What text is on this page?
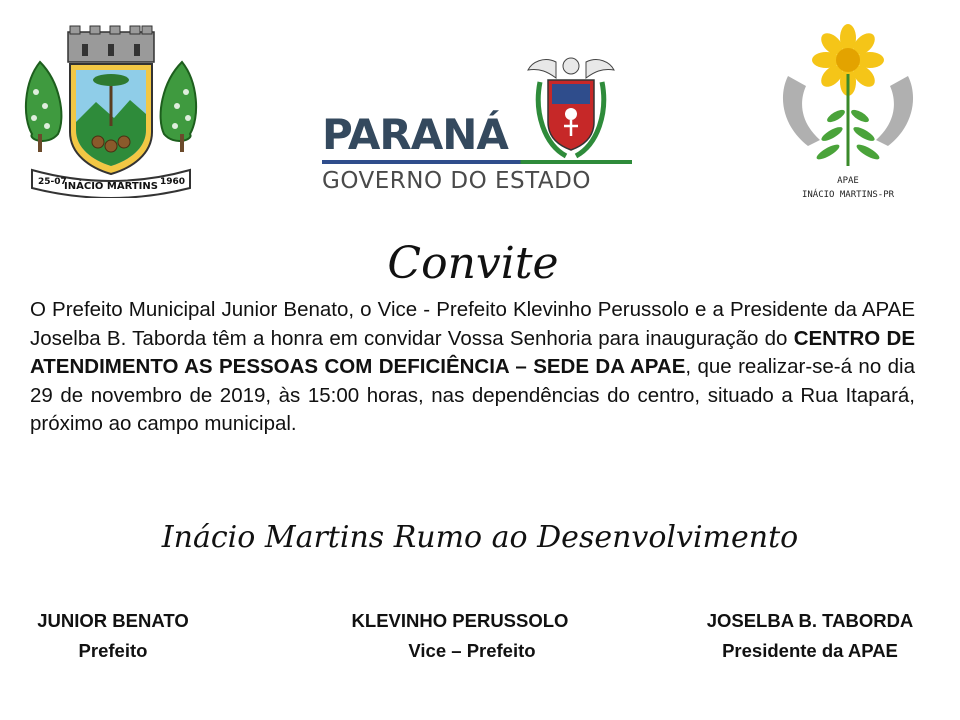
25-07
INÁCIO MARTINS 1960
PARANÁ
GOVERNO DO ESTADO	APAE
INÁCIO MARTINS-PR
Convite

O Prefeito Municipal Junior Benato, o Vice - Prefeito Klevinho Perussolo e a Presidente da APAE Joselba B. Taborda têm a honra em convidar Vossa Senhoria para inauguração do CENTRO DE ATENDIMENTO AS PESSOAS COM DEFICIÊNCIA – SEDE DA APAE, que realizar-se-á no dia 29 de novembro de 2019, às 15:00 horas, nas dependências do centro, situado a Rua Itapará, próximo ao campo municipal.

Inácio Martins Rumo ao Desenvolvimento
JUNIOR BENATO
Prefeito
KLEVINHO PERUSSOLO
Vice – Prefeito
JOSELBA B. TABORDA
Presidente da APAE
